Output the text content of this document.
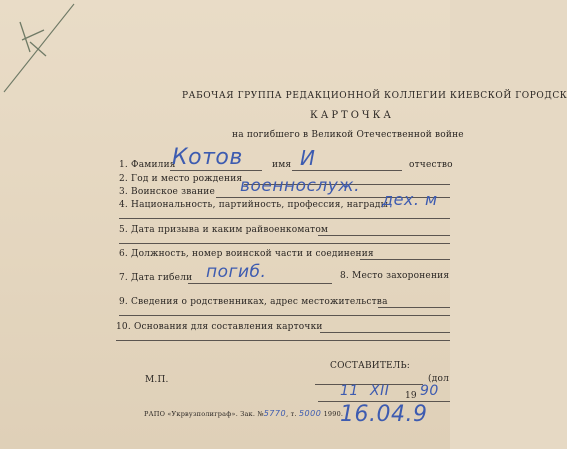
РАБОЧАЯ ГРУППА РЕДАКЦИОННОЙ КОЛЛЕГИИ КИЕВСКОЙ ГОРОДСК
КАРТОЧКА
на погибшего в Великой Отечественной войне
1. Фамилия
Котов	имя И	отчество
2. Год и место рождения
3. Воинское звание военнослуж.
4. Национальность, партийность, профессия, награды
дех. м
5. Дата призыва и каким райвоенкоматом
6. Должность, номер воинской части и соединения
7. Дата гибели погиб.	8. Место захоронения
9. Сведения о родственниках, адрес местожительства
10. Основания для составления карточки
СОСТАВИТЕЛЬ:
(дол
М.П.
11 XII 19 90
16.04.9
РАПО «Укрвузполиграф». Зак. №5770, т. 5000 1990.
